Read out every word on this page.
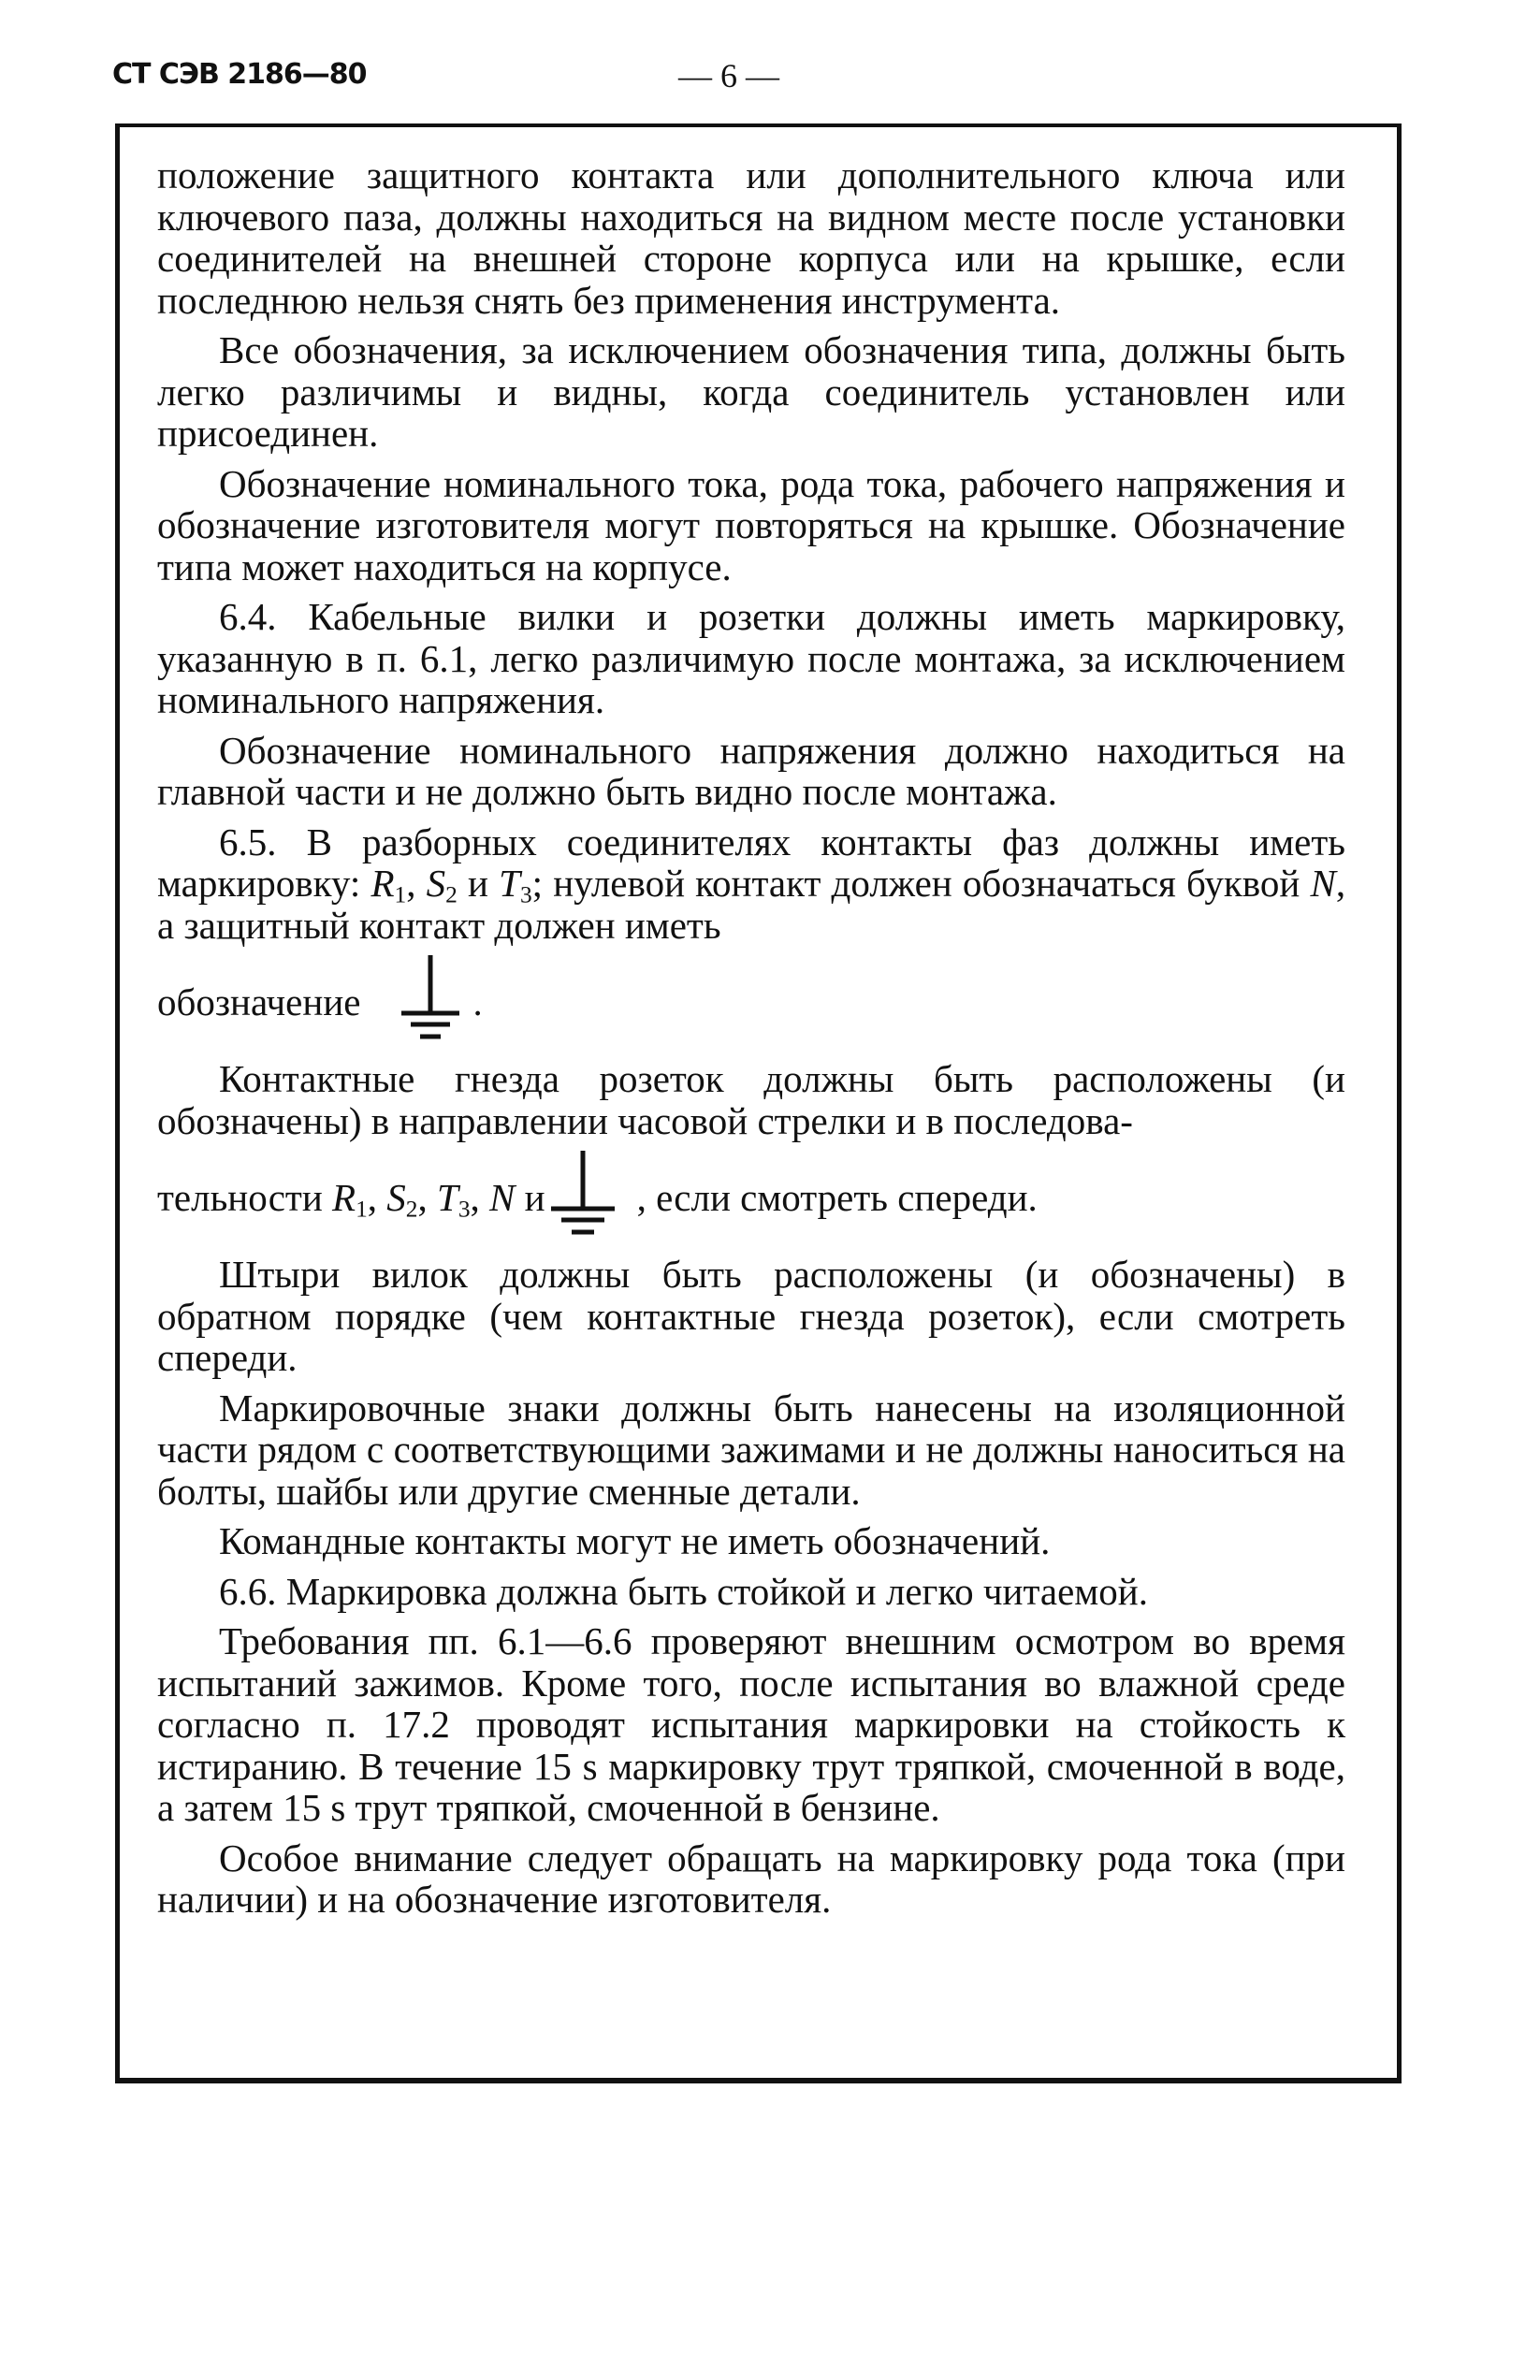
СТ СЭВ 2186—80	— 6 —

положение защитного контакта или дополнительного ключа или ключевого паза, должны находиться на видном месте после установки соединителей на внешней стороне корпуса или на крышке, если последнюю нельзя снять без применения инструмента.

Все обозначения, за исключением обозначения типа, должны быть легко различимы и видны, когда соединитель установлен или присоединен.

Обозначение номинального тока, рода тока, рабочего напряжения и обозначение изготовителя могут повторяться на крышке. Обозначение типа может находиться на корпусе.

6.4. Кабельные вилки и розетки должны иметь маркировку, указанную в п. 6.1, легко различимую после монтажа, за исключением номинального напряжения.

Обозначение номинального напряжения должно находиться на главной части и не должно быть видно после монтажа.

6.5. В разборных соединителях контакты фаз должны иметь маркировку: $R_1$, $S_2$ и $T_3$; нулевой контакт должен обозначаться буквой N, а защитный контакт должен иметь

обозначение	.

Контактные гнезда розеток должны быть расположены (и обозначены) в направлении часовой стрелки и в последова-

тельности
$R_1$ ,
$S_2$ ,
$T_3$ ,
N
и , если смотреть спереди.

Штыри вилок должны быть расположены (и обозначены) в обратном порядке (чем контактные гнезда розеток), если смотреть спереди.

Маркировочные знаки должны быть нанесены на изоляционной части рядом с соответствующими зажимами и не должны наноситься на болты, шайбы или другие сменные детали.

Командные контакты могут не иметь обозначений.

6.6. Маркировка должна быть стойкой и легко читаемой.

Требования пп. 6.1—6.6 проверяют внешним осмотром во время испытаний зажимов. Кроме того, после испытания во влажной среде согласно п. 17.2 проводят испытания маркировки на стойкость к истиранию. В течение 15 s маркировку трут тряпкой, смоченной в воде, а затем 15 s трут тряпкой, смоченной в бензине.

Особое внимание следует обращать на маркировку рода тока (при наличии) и на обозначение изготовителя.
